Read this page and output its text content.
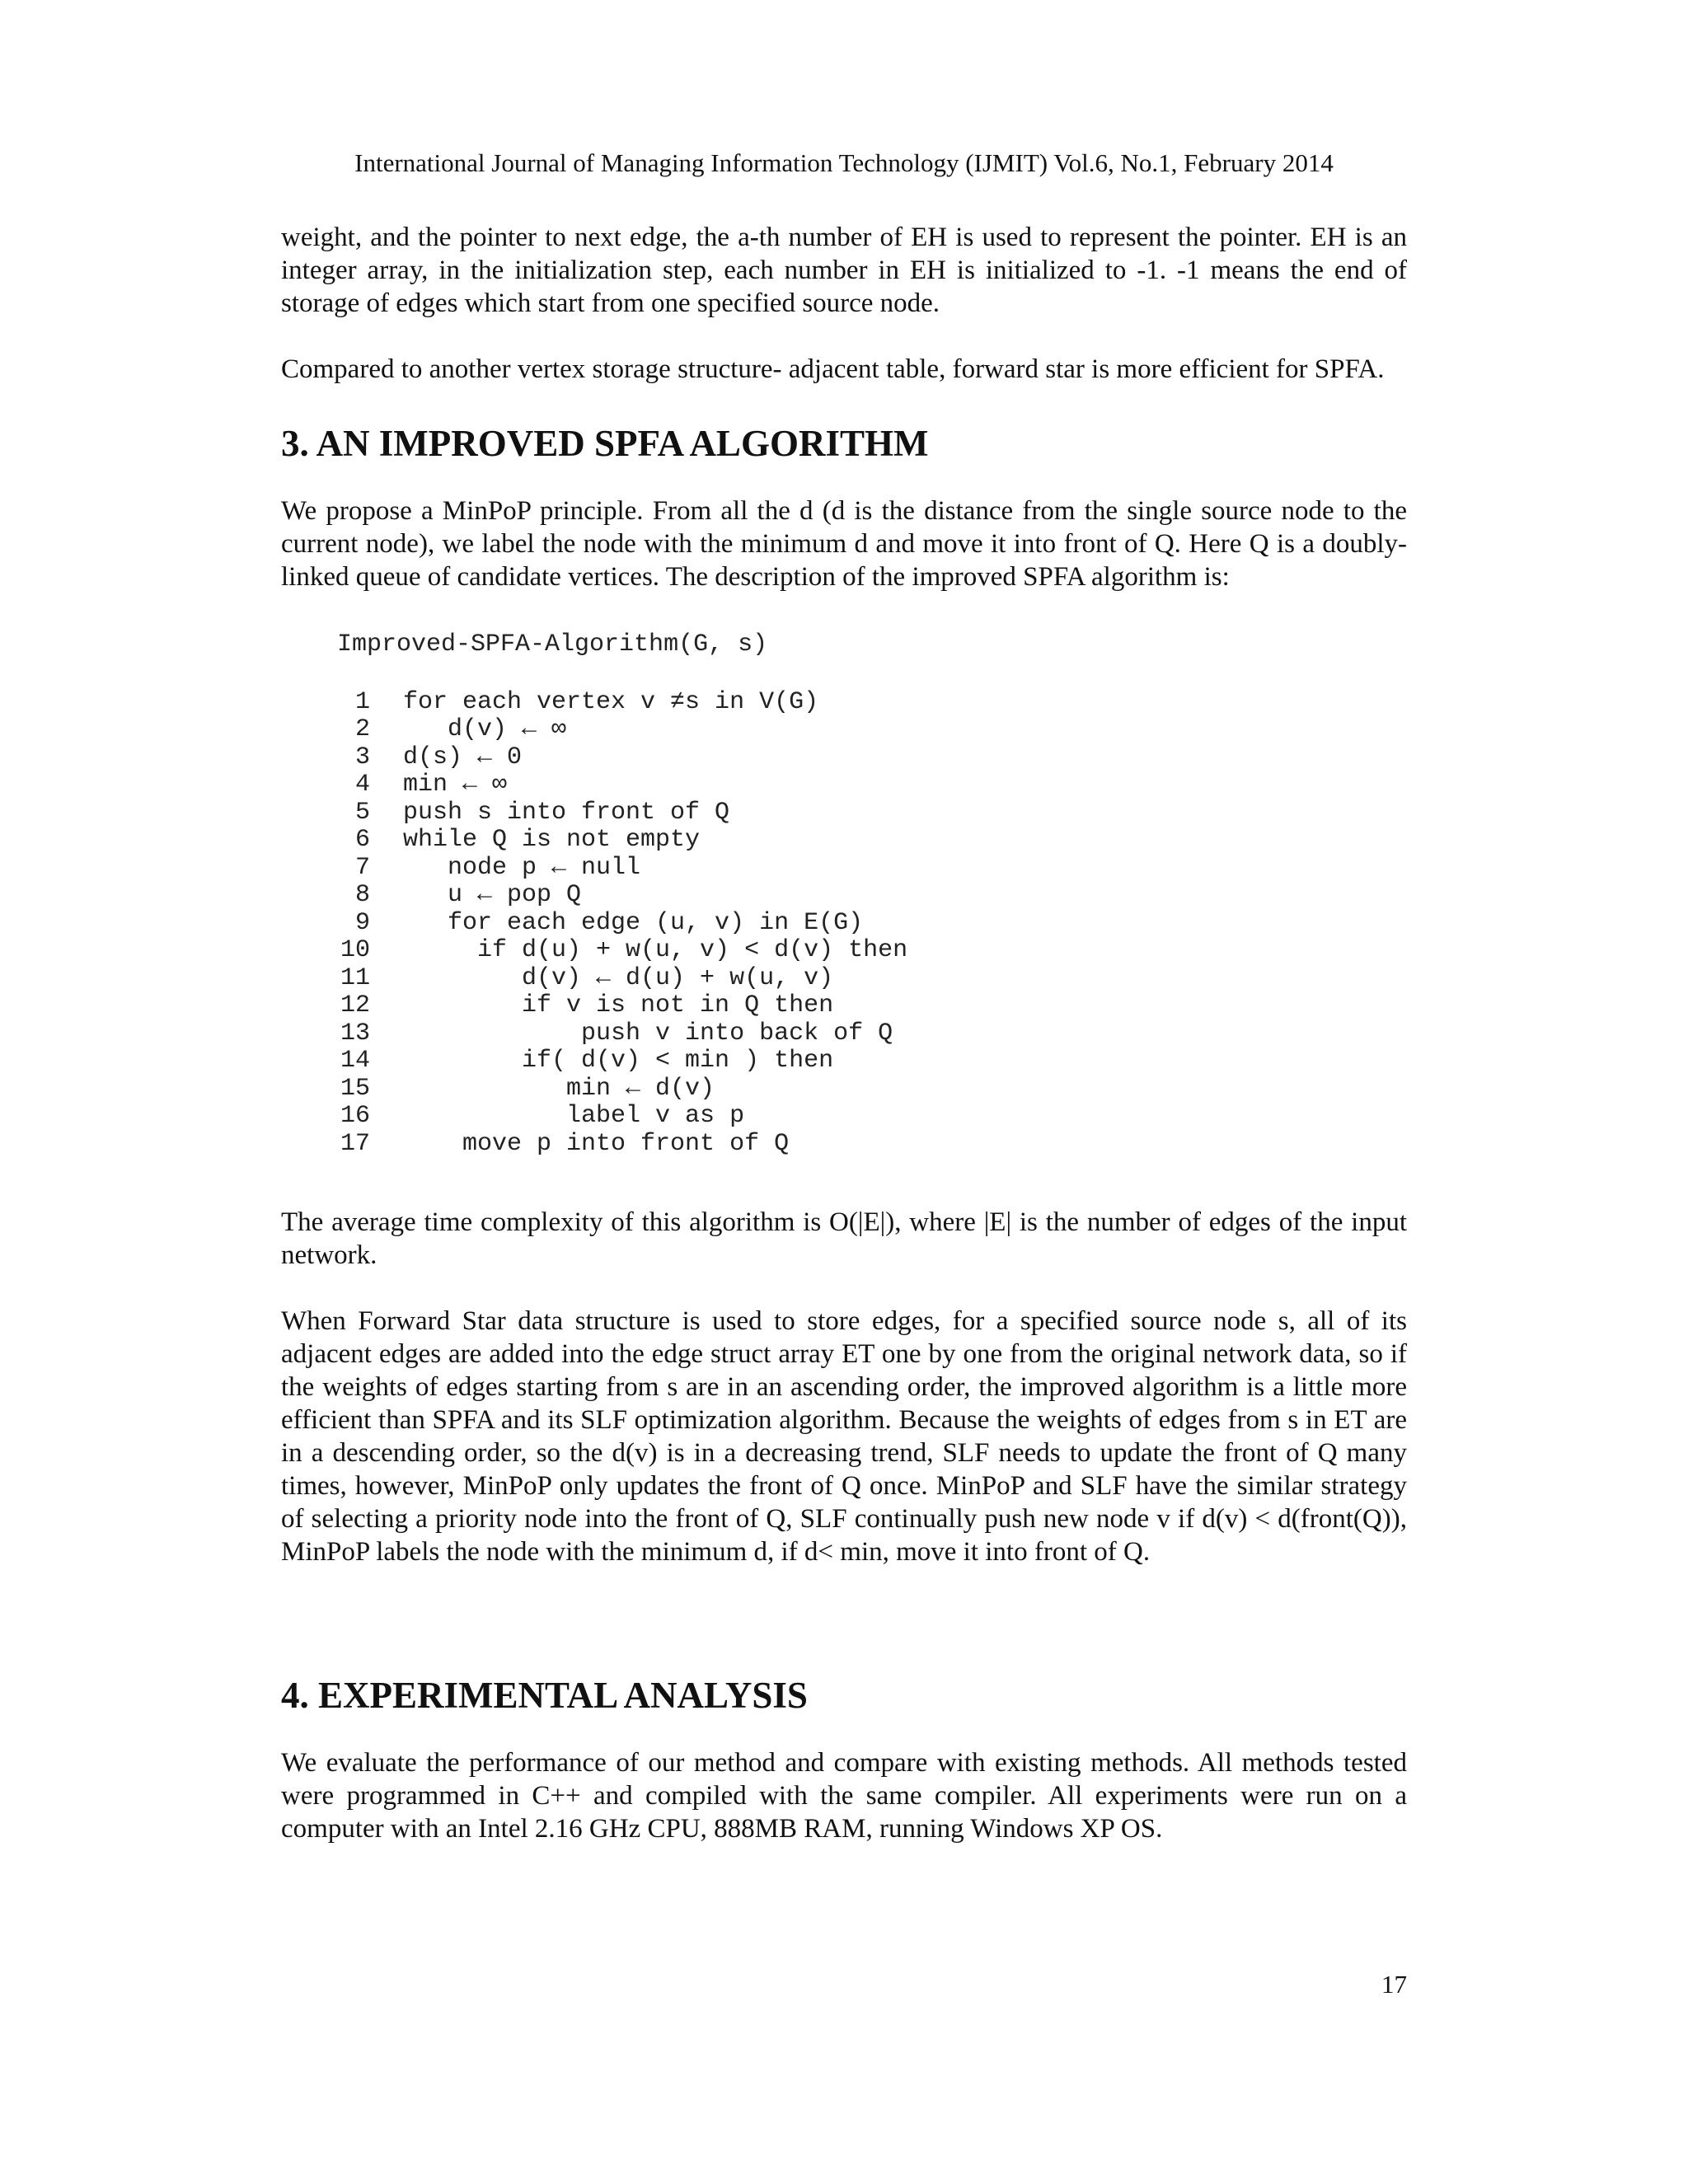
International Journal of Managing Information Technology (IJMIT) Vol.6, No.1, February 2014

weight, and the pointer to next edge, the a-th number of EH is used to represent the pointer. EH is an integer array, in the initialization step, each number in EH is initialized to -1. -1 means the end of storage of edges which start from one specified source node.

Compared to another vertex storage structure- adjacent table, forward star is more efficient for SPFA.

3. AN IMPROVED SPFA ALGORITHM

We propose a MinPoP principle. From all the d (d is the distance from the single source node to the current node), we label the node with the minimum d and move it into front of Q. Here Q is a doubly-linked queue of candidate vertices. The description of the improved SPFA algorithm is:

Improved-SPFA-Algorithm(G, s)
1	for each vertex v ≠s in V(G)
2	d(v) ← ∞
3	d(s) ← 0
4	min ← ∞
5	push s into front of Q
6	while Q is not empty
7	node p ← null
8	u ← pop Q
9	for each edge (u, v) in E(G)
10	if d(u) + w(u, v) < d(v) then
11	d(v) ← d(u) + w(u, v)
12	if v is not in Q then
13	push v into back of Q
14	if( d(v) < min ) then
15	min ← d(v)
16	label v as p
17	move p into front of Q

The average time complexity of this algorithm is O(|E|), where |E| is the number of edges of the input network.

When Forward Star data structure is used to store edges, for a specified source node s, all of its adjacent edges are added into the edge struct array ET one by one from the original network data, so if the weights of edges starting from s are in an ascending order, the improved algorithm is a little more efficient than SPFA and its SLF optimization algorithm. Because the weights of edges from s in ET are in a descending order, so the d(v) is in a decreasing trend, SLF needs to update the front of Q many times, however, MinPoP only updates the front of Q once. MinPoP and SLF have the similar strategy of selecting a priority node into the front of Q, SLF continually push new node v if d(v) < d(front(Q)), MinPoP labels the node with the minimum d, if d< min, move it into front of Q.

4. EXPERIMENTAL ANALYSIS

We evaluate the performance of our method and compare with existing methods. All methods tested were programmed in C++ and compiled with the same compiler. All experiments were run on a computer with an Intel 2.16 GHz CPU, 888MB RAM, running Windows XP OS.

17
